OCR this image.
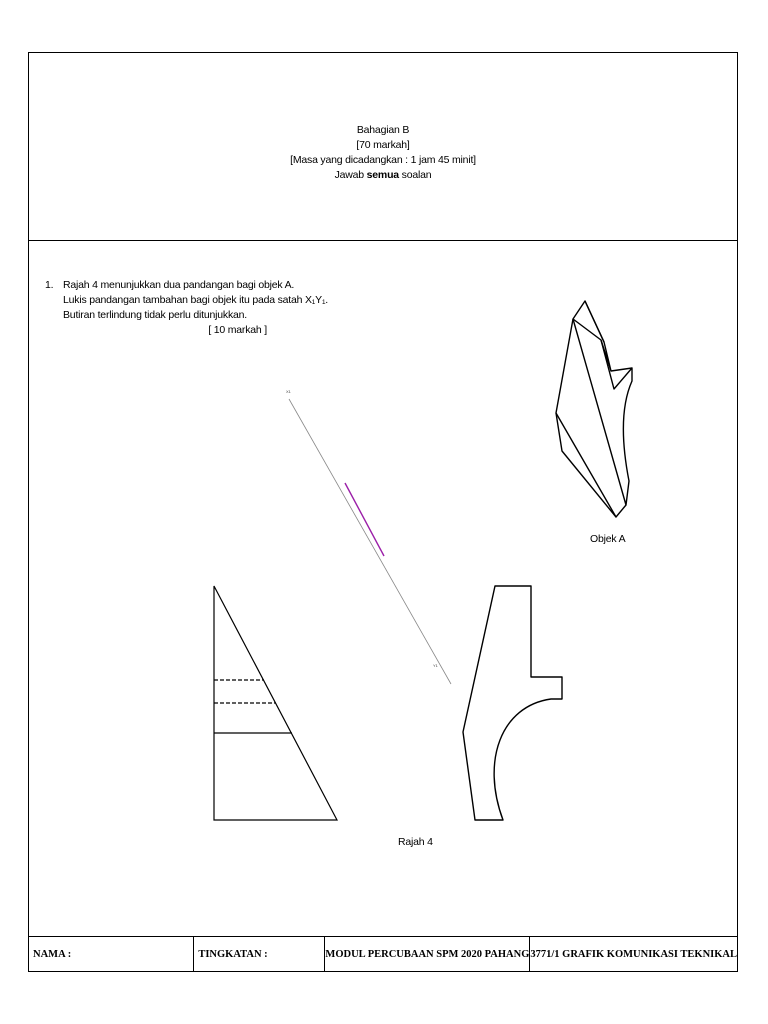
Bahagian B
[70 markah]
[Masa yang dicadangkan : 1 jam 45 minit]
Jawab semua soalan
1. Rajah 4 menunjukkan dua pandangan bagi objek A.
Lukis pandangan tambahan bagi objek itu pada satah X₁Y₁.
Butiran terlindung tidak perlu ditunjukkan.
[ 10 markah ]
X1
Y1
Objek A
Rajah 4
NAMA :	TINGKATAN :	MODUL PERCUBAAN SPM 2020 PAHANG 3771/1 GRAFIK KOMUNIKASI TEKNIKAL
